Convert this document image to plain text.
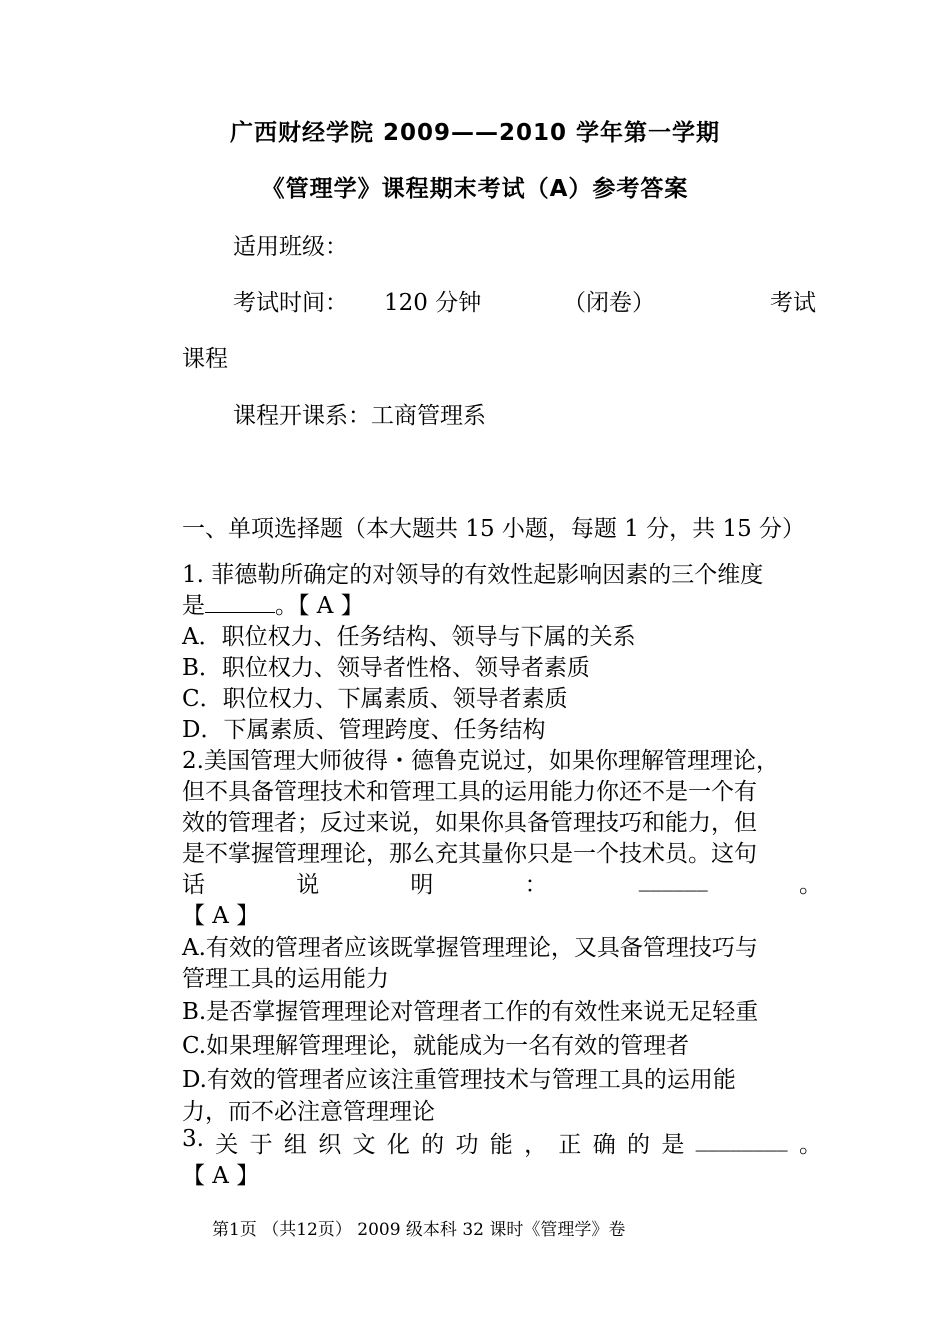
广西财经学院 2009——2010 学年第一学期
《管理学》课程期末考试（A）参考答案
适用班级：
考试时间： 120 分钟	（闭卷）	考试
课程
课程开课系：工商管理系
一、单项选择题（本大题共 15 小题，每题 1 分，共 15 分）
1. 菲德勒所确定的对领导的有效性起影响因素的三个维度
是	。【 A 】
A．职位权力、任务结构、领导与下属的关系
B．职位权力、领导者性格、领导者素质
C．职位权力、下属素质、领导者素质
D．下属素质、管理跨度、任务结构
2.美国管理大师彼得・德鲁克说过，如果你理解管理理论，
但不具备管理技术和管理工具的运用能力你还不是一个有
效的管理者；反过来说，如果你具备管理技巧和能力，但
是不掌握管理理论，那么充其量你只是一个技术员。这句
话	说	明	：	______	。
【 A 】
A.有效的管理者应该既掌握管理理论，又具备管理技巧与
管理工具的运用能力
B.是否掌握管理理论对管理者工作的有效性来说无足轻重
C.如果理解管理理论，就能成为一名有效的管理者
D.有效的管理者应该注重管理技术与管理工具的运用能
力，而不必注意管理理论
3. 关 于 组 织 文 化 的 功 能 ， 正 确 的 是 ________ 。
【 A 】
第1页 （共12页） 2009 级本科 32 课时《管理学》卷
